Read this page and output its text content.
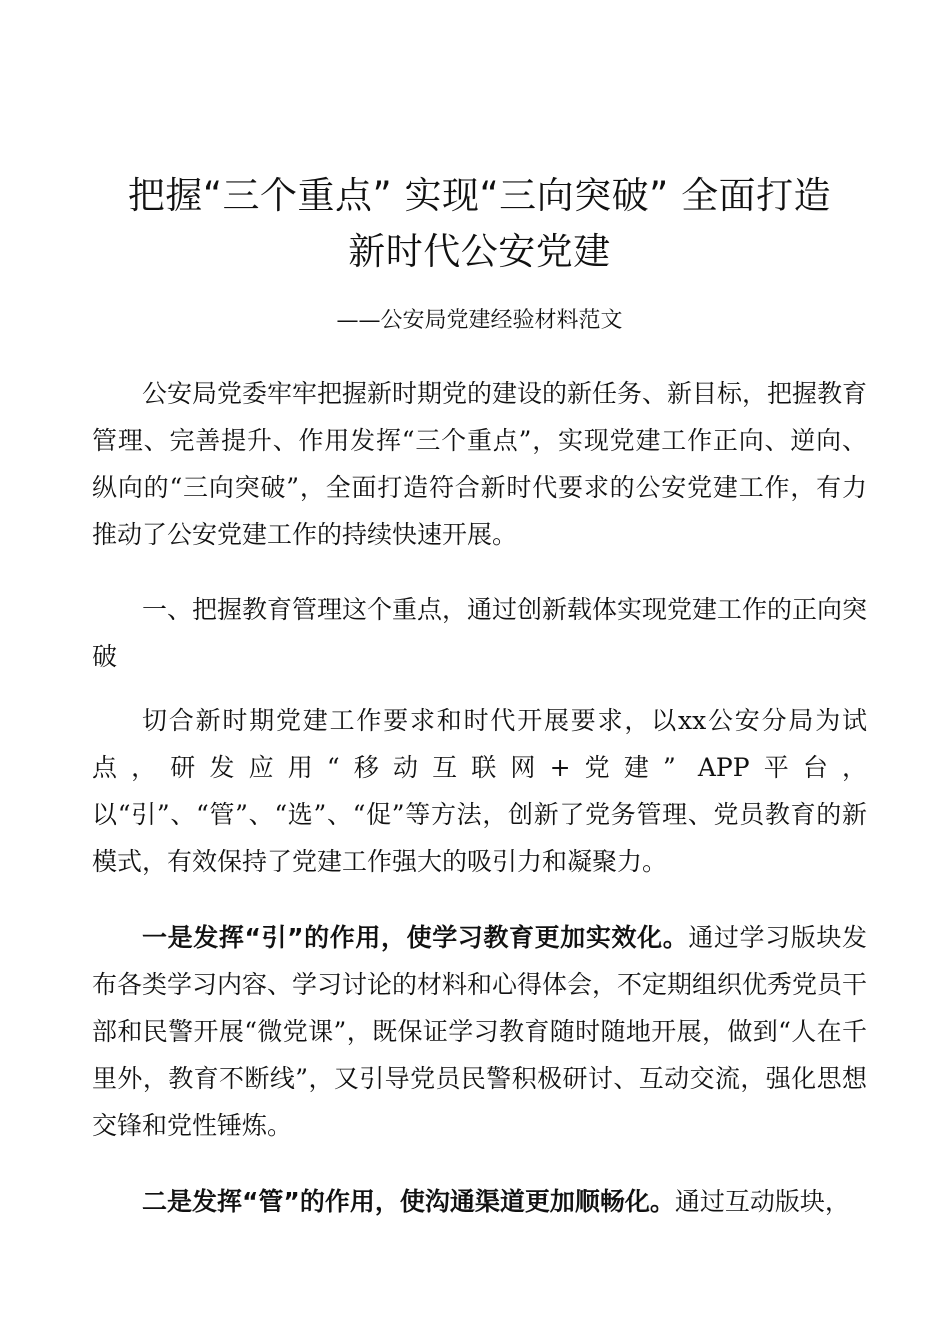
把握“三个重点” 实现“三向突破” 全面打造
新时代公安党建
——公安局党建经验材料范文

公安局党委牢牢把握新时期党的建设的新任务、新目标，把握教育管理、完善提升、作用发挥“三个重点”，实现党建工作正向、逆向、纵向的“三向突破”，全面打造符合新时代要求的公安党建工作，有力推动了公安党建工作的持续快速开展。

一、把握教育管理这个重点，通过创新载体实现党建工作的正向突破

切合新时期党建工作要求和时代开展要求，以xx公安分局为试点，研发应用“移动互联网+党建” APP平台，以“引”、“管”、“选”、“促”等方法，创新了党务管理、党员教育的新模式，有效保持了党建工作强大的吸引力和凝聚力。

一是发挥“引”的作用，使学习教育更加实效化。通过学习版块发布各类学习内容、学习讨论的材料和心得体会，不定期组织优秀党员干部和民警开展“微党课”，既保证学习教育随时随地开展，做到“人在千里外，教育不断线”，又引导党员民警积极研讨、互动交流，强化思想交锋和党性锤炼。

二是发挥“管”的作用，使沟通渠道更加顺畅化。通过互动版块，
